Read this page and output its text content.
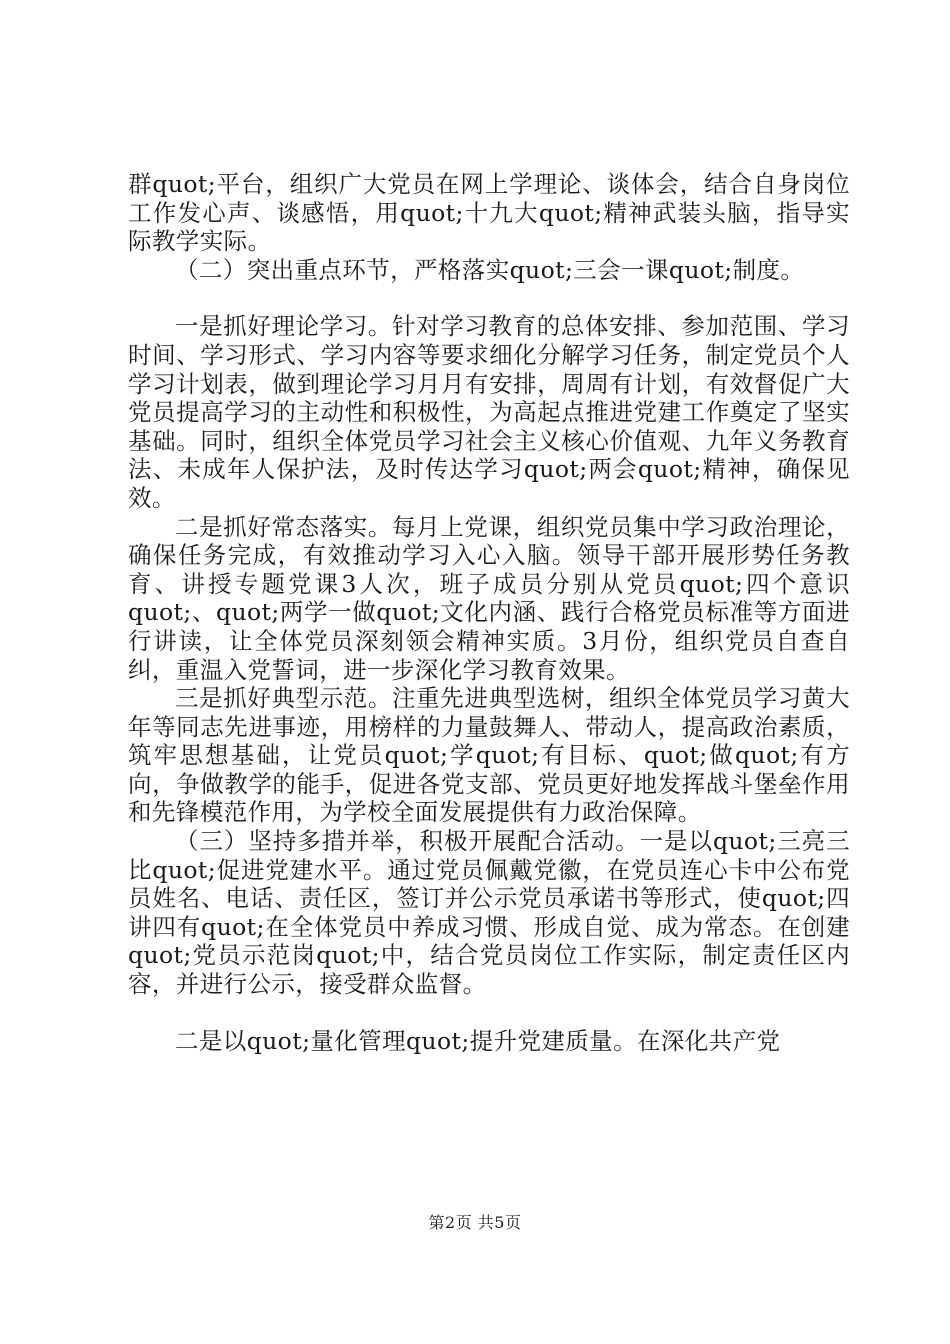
群quot;平台，组织广大党员在网上学理论、谈体会，结合自身岗位工作发心声、谈感悟，用quot;十九大quot;精神武装头脑，指导实际教学实际。

（二）突出重点环节，严格落实quot;三会一课quot;制度。

一是抓好理论学习。针对学习教育的总体安排、参加范围、学习时间、学习形式、学习内容等要求细化分解学习任务，制定党员个人学习计划表，做到理论学习月月有安排，周周有计划，有效督促广大党员提高学习的主动性和积极性，为高起点推进党建工作奠定了坚实基础。同时，组织全体党员学习社会主义核心价值观、九年义务教育法、未成年人保护法，及时传达学习quot;两会quot;精神，确保见效。

二是抓好常态落实。每月上党课，组织党员集中学习政治理论，确保任务完成，有效推动学习入心入脑。领导干部开展形势任务教育、讲授专题党课3人次，班子成员分别从党员quot;四个意识quot;、quot;两学一做quot;文化内涵、践行合格党员标准等方面进行讲读，让全体党员深刻领会精神实质。3月份，组织党员自查自纠，重温入党誓词，进一步深化学习教育效果。

三是抓好典型示范。注重先进典型选树，组织全体党员学习黄大年等同志先进事迹，用榜样的力量鼓舞人、带动人，提高政治素质，筑牢思想基础，让党员quot;学quot;有目标、quot;做quot;有方向，争做教学的能手，促进各党支部、党员更好地发挥战斗堡垒作用和先锋模范作用，为学校全面发展提供有力政治保障。

（三）坚持多措并举，积极开展配合活动。一是以quot;三亮三比quot;促进党建水平。通过党员佩戴党徽，在党员连心卡中公布党员姓名、电话、责任区，签订并公示党员承诺书等形式，使quot;四讲四有quot;在全体党员中养成习惯、形成自觉、成为常态。在创建quot;党员示范岗quot;中，结合党员岗位工作实际，制定责任区内容，并进行公示，接受群众监督。

二是以quot;量化管理quot;提升党建质量。在深化共产党

第2页 共5页
